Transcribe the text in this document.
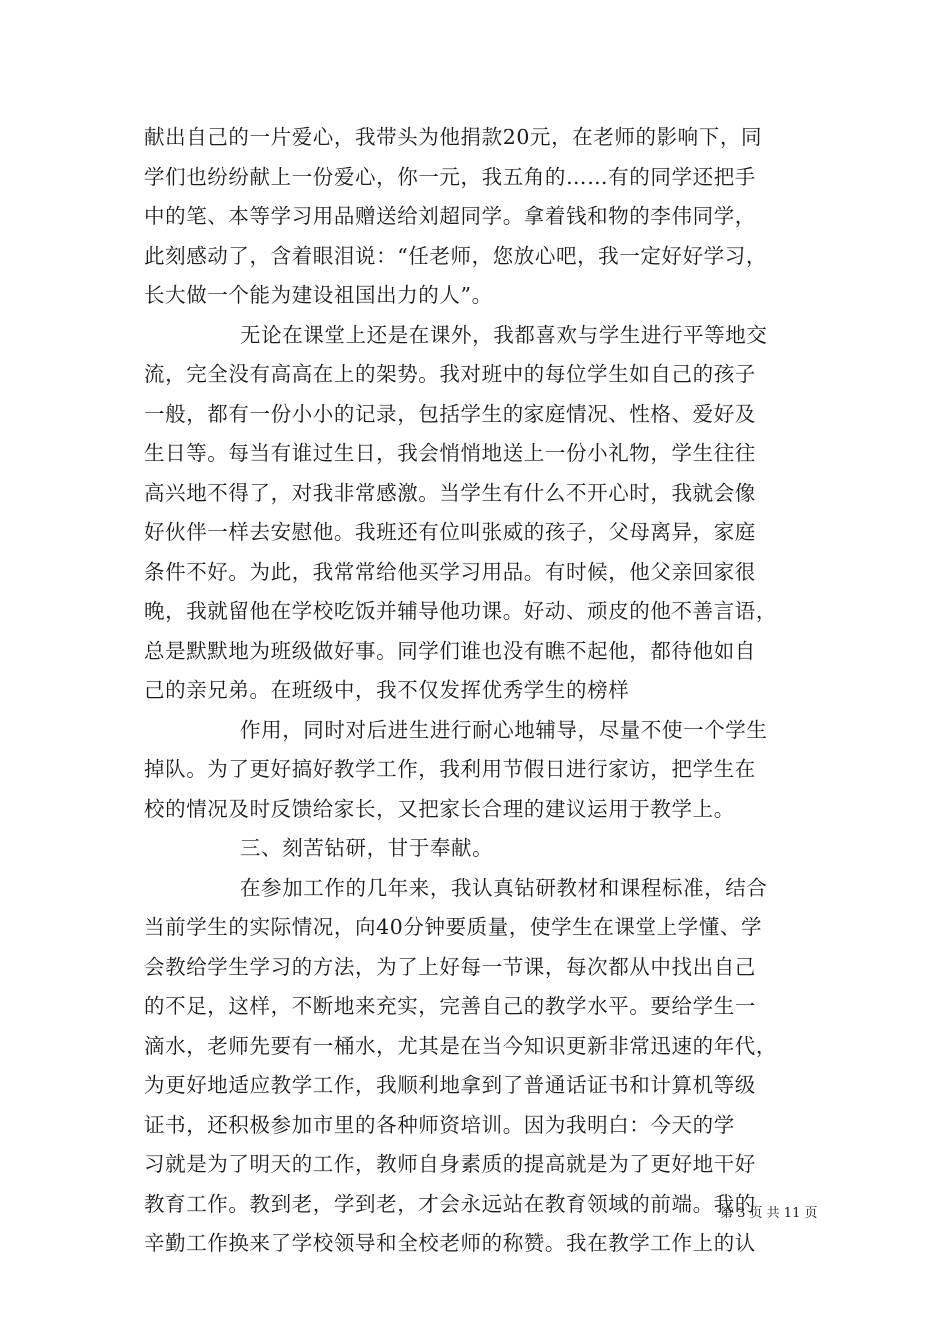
献出自己的一片爱心，我带头为他捐款20元，在老师的影响下，同
学们也纷纷献上一份爱心，你一元，我五角的……有的同学还把手
中的笔、本等学习用品赠送给刘超同学。拿着钱和物的李伟同学，
此刻感动了，含着眼泪说：“任老师，您放心吧，我一定好好学习，
长大做一个能为建设祖国出力的人”。
无论在课堂上还是在课外，我都喜欢与学生进行平等地交
流，完全没有高高在上的架势。我对班中的每位学生如自己的孩子
一般，都有一份小小的记录，包括学生的家庭情况、性格、爱好及
生日等。每当有谁过生日，我会悄悄地送上一份小礼物，学生往往
高兴地不得了，对我非常感激。当学生有什么不开心时，我就会像
好伙伴一样去安慰他。我班还有位叫张威的孩子，父母离异，家庭
条件不好。为此，我常常给他买学习用品。有时候，他父亲回家很
晚，我就留他在学校吃饭并辅导他功课。好动、顽皮的他不善言语，
总是默默地为班级做好事。同学们谁也没有瞧不起他，都待他如自
己的亲兄弟。在班级中，我不仅发挥优秀学生的榜样
作用，同时对后进生进行耐心地辅导，尽量不使一个学生
掉队。为了更好搞好教学工作，我利用节假日进行家访，把学生在
校的情况及时反馈给家长，又把家长合理的建议运用于教学上。
三、刻苦钻研，甘于奉献。
在参加工作的几年来，我认真钻研教材和课程标准，结合
当前学生的实际情况，向40分钟要质量，使学生在课堂上学懂、学
会教给学生学习的方法，为了上好每一节课，每次都从中找出自己
的不足，这样，不断地来充实，完善自己的教学水平。要给学生一
滴水，老师先要有一桶水，尤其是在当今知识更新非常迅速的年代，
为更好地适应教学工作，我顺利地拿到了普通话证书和计算机等级
证书，还积极参加市里的各种师资培训。因为我明白：今天的学
习就是为了明天的工作，教师自身素质的提高就是为了更好地干好
教育工作。教到老，学到老，才会永远站在教育领域的前端。我的
辛勤工作换来了学校领导和全校老师的称赞。我在教学工作上的认
第 3 页 共 11 页
